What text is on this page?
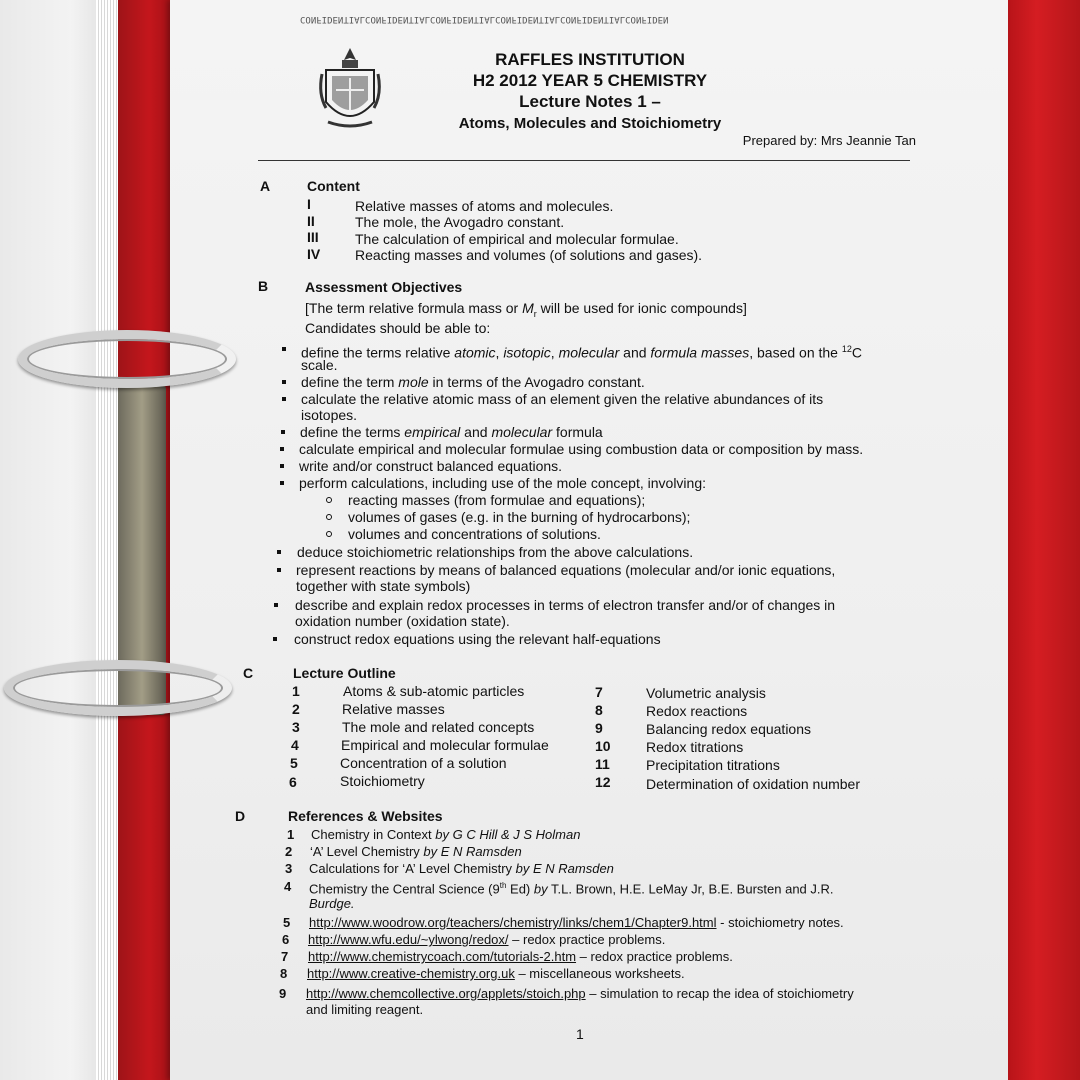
CONFIDENTIALCONFIDENTIALCONFIDENTIALCONFIDENTIALCONFIDENTIALCONFIDEN
RAFFLES INSTITUTION
H2 2012 YEAR 5 CHEMISTRY
Lecture Notes 1 –
Atoms, Molecules and Stoichiometry
Prepared by: Mrs Jeannie Tan
A	Content
I	Relative masses of atoms and molecules.
II	The mole, the Avogadro constant.
III	The calculation of empirical and molecular formulae.
IV Reacting masses and volumes (of solutions and gases).
B	Assessment Objectives
[The term relative formula mass or $M_r$ will be used for ionic compounds]
Candidates should be able to:
define the terms relative atomic, isotopic, molecular and formula masses, based on the $^{12}$C
scale.
define the term mole in terms of the Avogadro constant.
calculate the relative atomic mass of an element given the relative abundances of its
isotopes.
define the terms empirical and molecular formula
calculate empirical and molecular formulae using combustion data or composition by mass.
write and/or construct balanced equations.
perform calculations, including use of the mole concept, involving:
reacting masses (from formulae and equations);
volumes of gases (e.g. in the burning of hydrocarbons);
volumes and concentrations of solutions.
deduce stoichiometric relationships from the above calculations.
represent reactions by means of balanced equations (molecular and/or ionic equations,
together with state symbols)
describe and explain redox processes in terms of electron transfer and/or of changes in
oxidation number (oxidation state).
construct redox equations using the relevant half-equations
C	Lecture Outline
1	Atoms & sub-atomic particles
2	Relative masses
3	The mole and related concepts
4	Empirical and molecular formulae
5	Concentration of a solution
6	Stoichiometry
7	Volumetric analysis
8	Redox reactions
9	Balancing redox equations
10	Redox titrations
11	Precipitation titrations
12	Determination of oxidation number
D	References & Websites
1 Chemistry in Context by G C Hill & J S Holman
2 ‘A’ Level Chemistry by E N Ramsden
3 Calculations for ‘A’ Level Chemistry by E N Ramsden
4 Chemistry the Central Science (9th Ed) by T.L. Brown, H.E. LeMay Jr, B.E. Bursten and J.R.
Burdge.
5 http://www.woodrow.org/teachers/chemistry/links/chem1/Chapter9.html - stoichiometry notes.
6 http://www.wfu.edu/~ylwong/redox/ – redox practice problems.
7 http://www.chemistrycoach.com/tutorials-2.htm – redox practice problems.
8 http://www.creative-chemistry.org.uk – miscellaneous worksheets.
9 http://www.chemcollective.org/applets/stoich.php – simulation to recap the idea of stoichiometry
and limiting reagent.
1
